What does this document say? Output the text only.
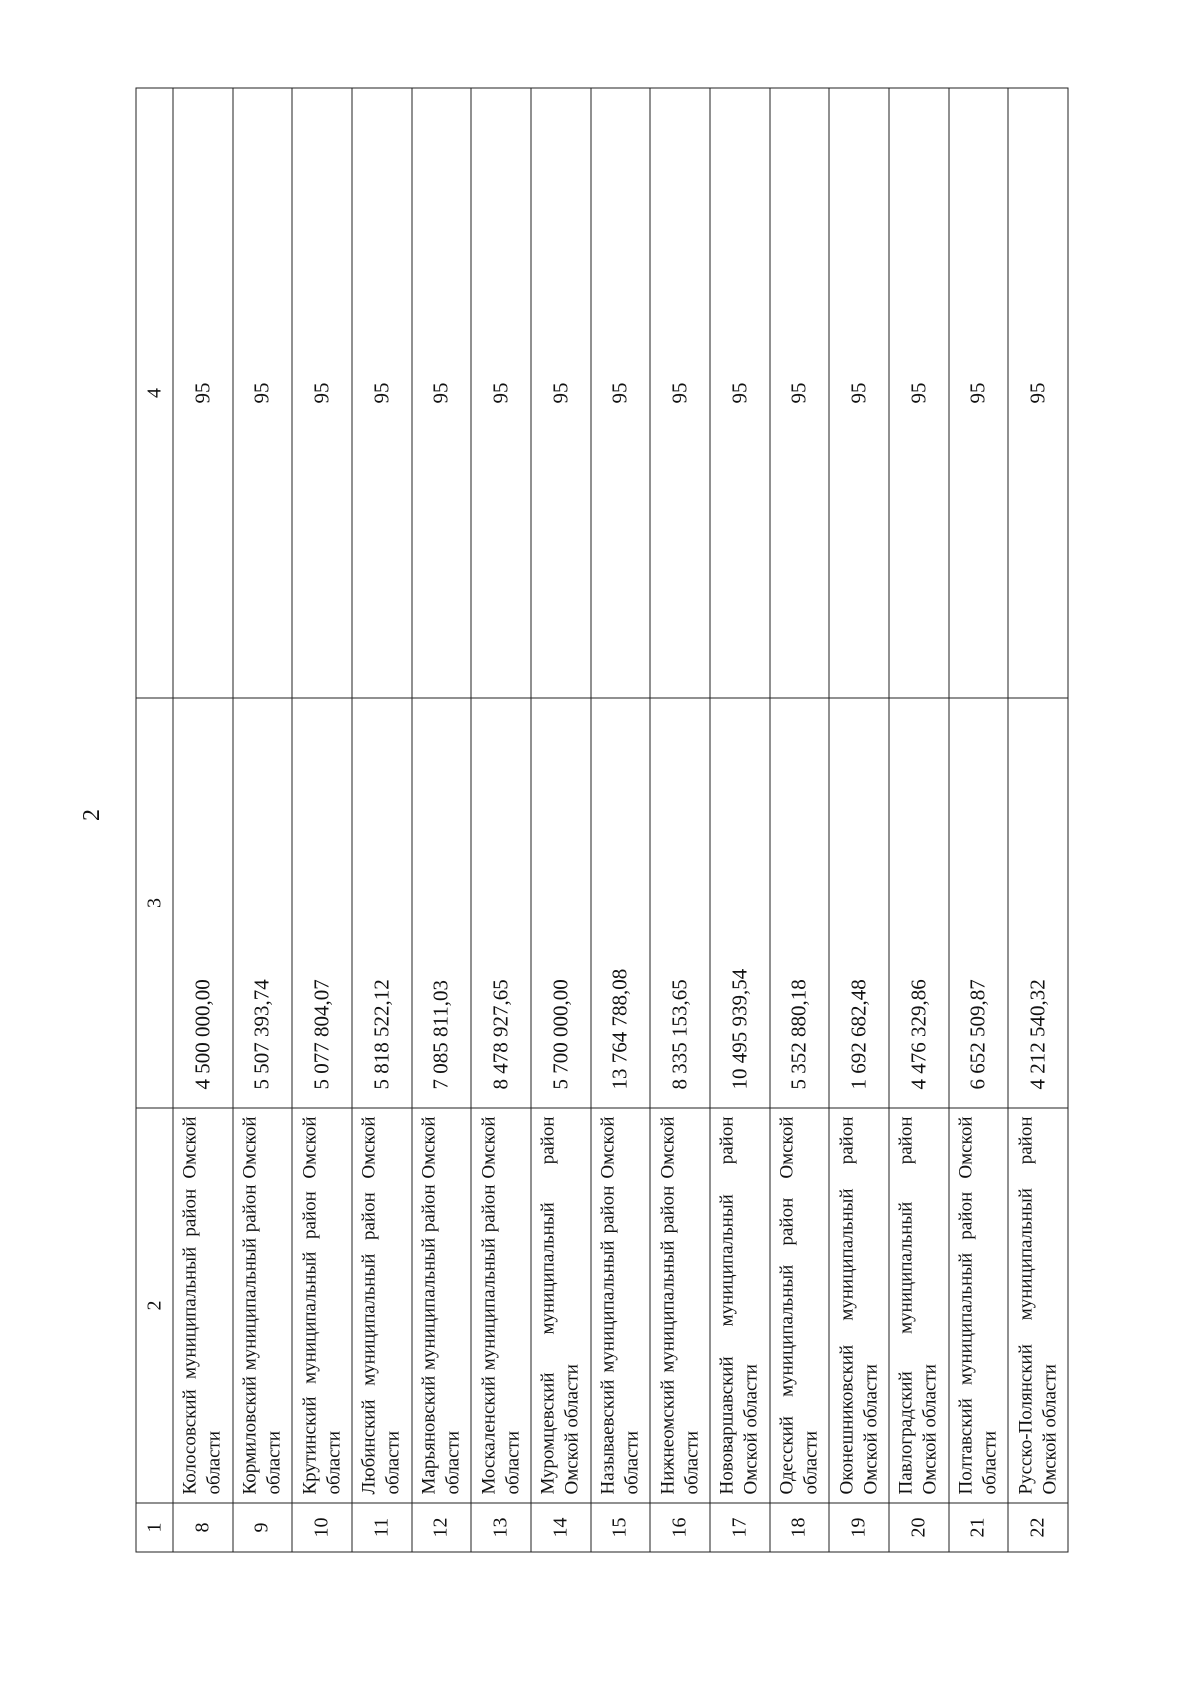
2
1	2	3	4
8	Колосовский муниципальный район Омской области	4 500 000,00	95
9	Кормиловский муниципальный район Омской области	5 507 393,74	95
10	Крутинский муниципальный район Омской области	5 077 804,07	95
11	Любинский муниципальный район Омской области	5 818 522,12	95
12	Марьяновский муниципальный район Омской области	7 085 811,03	95
13	Москаленский муниципальный район Омской области	8 478 927,65	95
14	Муромцевский муниципальный район Омской области	5 700 000,00	95
15	Называевский муниципальный район Омской области	13 764 788,08	95
16	Нижнеомский муниципальный район Омской области	8 335 153,65	95
17	Нововаршавский муниципальный район Омской области	10 495 939,54	95
18	Одесский муниципальный район Омской области	5 352 880,18	95
19	Оконешниковский муниципальный район Омской области	1 692 682,48	95
20	Павлоградский муниципальный район Омской области	4 476 329,86	95
21	Полтавский муниципальный район Омской области	6 652 509,87	95
22	Русско-Полянский муниципальный район Омской области	4 212 540,32	95
